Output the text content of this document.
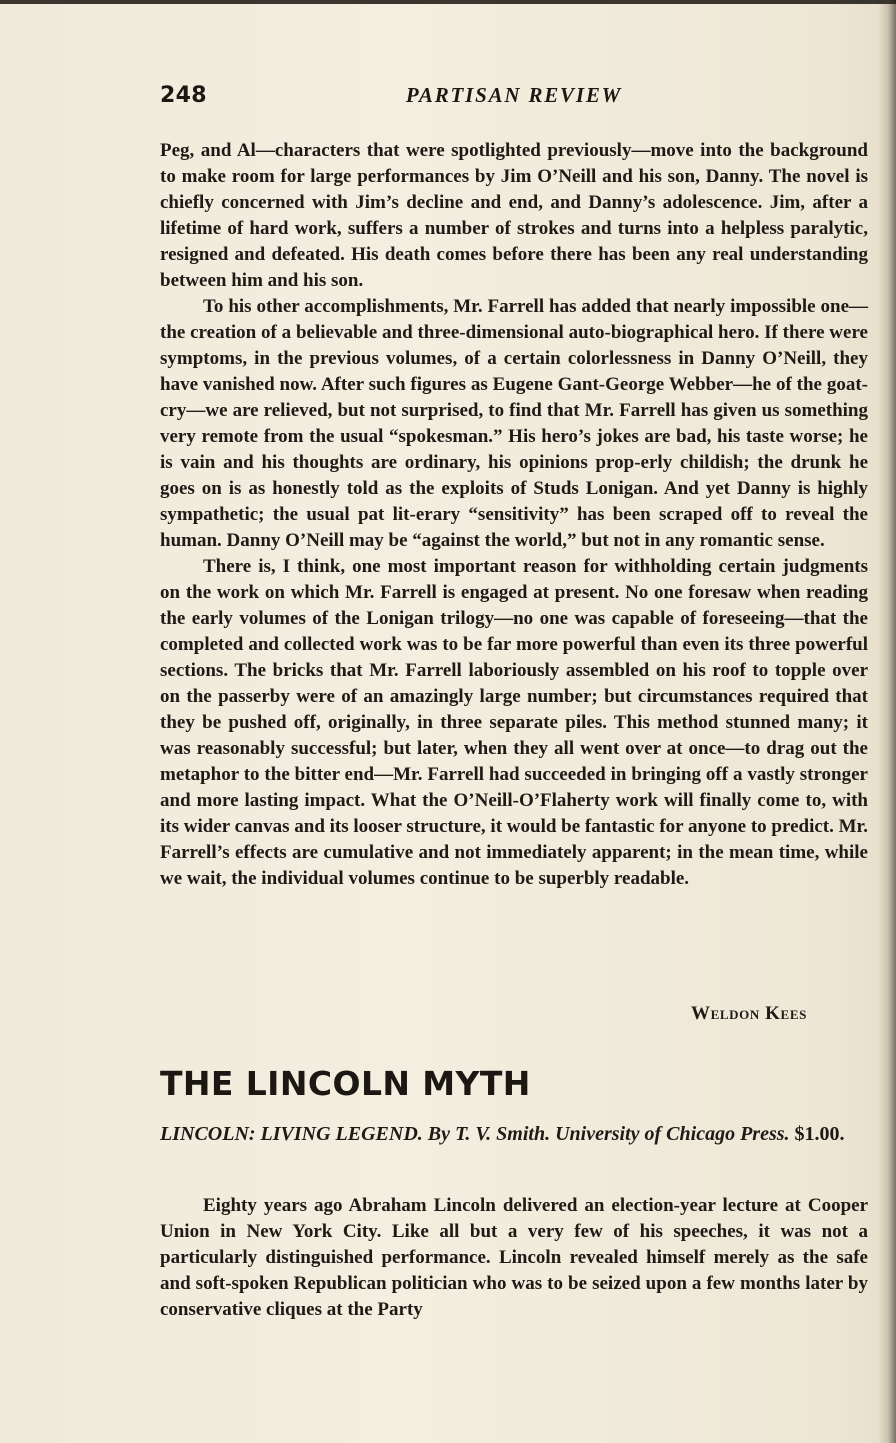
248	PARTISAN REVIEW

Peg, and Al—characters that were spotlighted previously—move into the background to make room for large performances by Jim O’Neill and his son, Danny. The novel is chiefly concerned with Jim’s decline and end, and Danny’s adolescence. Jim, after a lifetime of hard work, suffers a number of strokes and turns into a helpless paralytic, resigned and defeated. His death comes before there has been any real understanding between him and his son.

To his other accomplishments, Mr. Farrell has added that nearly impossible one—the creation of a believable and three-dimensional auto-biographical hero. If there were symptoms, in the previous volumes, of a certain colorlessness in Danny O’Neill, they have vanished now. After such figures as Eugene Gant-George Webber—he of the goat-cry—we are relieved, but not surprised, to find that Mr. Farrell has given us something very remote from the usual “spokesman.” His hero’s jokes are bad, his taste worse; he is vain and his thoughts are ordinary, his opinions prop-erly childish; the drunk he goes on is as honestly told as the exploits of Studs Lonigan. And yet Danny is highly sympathetic; the usual pat lit-erary “sensitivity” has been scraped off to reveal the human. Danny O’Neill may be “against the world,” but not in any romantic sense.

There is, I think, one most important reason for withholding certain judgments on the work on which Mr. Farrell is engaged at present. No one foresaw when reading the early volumes of the Lonigan trilogy—no one was capable of foreseeing—that the completed and collected work was to be far more powerful than even its three powerful sections. The bricks that Mr. Farrell laboriously assembled on his roof to topple over on the passerby were of an amazingly large number; but circumstances required that they be pushed off, originally, in three separate piles. This method stunned many; it was reasonably successful; but later, when they all went over at once—to drag out the metaphor to the bitter end—Mr. Farrell had succeeded in bringing off a vastly stronger and more lasting impact. What the O’Neill-O’Flaherty work will finally come to, with its wider canvas and its looser structure, it would be fantastic for anyone to predict. Mr. Farrell’s effects are cumulative and not immediately apparent; in the mean time, while we wait, the individual volumes continue to be superbly readable.

Weldon Kees
THE LINCOLN MYTH

LINCOLN: LIVING LEGEND. By T. V. Smith. University of Chicago Press. $1.00.

Eighty years ago Abraham Lincoln delivered an election-year lecture at Cooper Union in New York City. Like all but a very few of his speeches, it was not a particularly distinguished performance. Lincoln revealed himself merely as the safe and soft-spoken Republican politician who was to be seized upon a few months later by conservative cliques at the Party
